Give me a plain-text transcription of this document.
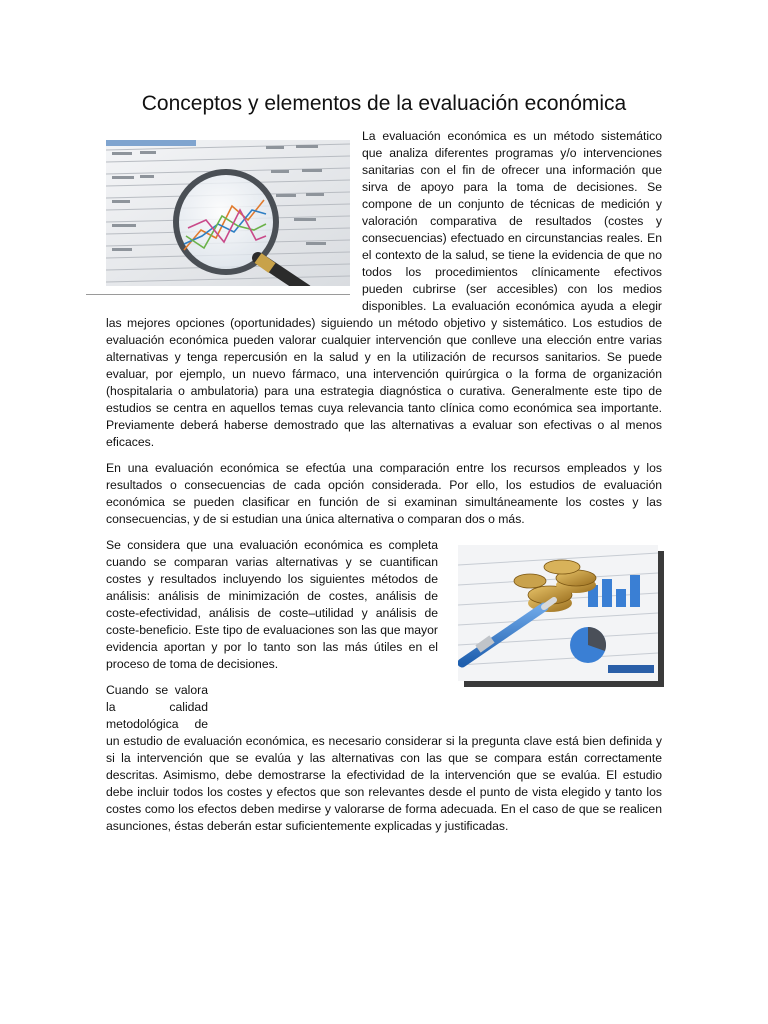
Conceptos y elementos de la evaluación económica

La evaluación económica es un método sistemático que analiza diferentes programas y/o intervenciones sanitarias con el fin de ofrecer una información que sirva de apoyo para la toma de decisiones. Se compone de un conjunto de técnicas de medición y valoración comparativa de resultados (costes y consecuencias) efectuado en circunstancias reales. En el contexto de la salud, se tiene la evidencia de que no todos los procedimientos clínicamente efectivos pueden cubrirse (ser accesibles) con los medios disponibles. La evaluación económica ayuda a elegir las mejores opciones (oportunidades) siguiendo un método objetivo y sistemático. Los estudios de evaluación económica pueden valorar cualquier intervención que conlleve una elección entre varias alternativas y tenga repercusión en la salud y en la utilización de recursos sanitarios. Se puede evaluar, por ejemplo, un nuevo fármaco, una intervención quirúrgica o la forma de organización (hospitalaria o ambulatoria) para una estrategia diagnóstica o curativa. Generalmente este tipo de estudios se centra en aquellos temas cuya relevancia tanto clínica como económica sea importante. Previamente deberá haberse demostrado que las alternativas a evaluar son efectivas o al menos eficaces.

En una evaluación económica se efectúa una comparación entre los recursos empleados y los resultados o consecuencias de cada opción considerada. Por ello, los estudios de evaluación económica se pueden clasificar en función de si examinan simultáneamente los costes y las consecuencias, y de si estudian una única alternativa o comparan dos o más.

Se considera que una evaluación económica es completa cuando se comparan varias alternativas y se cuantifican costes y resultados incluyendo los siguientes métodos de análisis: análisis de minimización de costes, análisis de coste-efectividad, análisis de coste–utilidad y análisis de coste-beneficio. Este tipo de evaluaciones son las que mayor evidencia aportan y por lo tanto son las más útiles en el proceso de toma de decisiones.

Cuando se valora la calidad metodológica de un estudio de evaluación económica, es necesario considerar si la pregunta clave está bien definida y si la intervención que se evalúa y las alternativas con las que se compara están correctamente descritas. Asimismo, debe demostrarse la efectividad de la intervención que se evalúa. El estudio debe incluir todos los costes y efectos que son relevantes desde el punto de vista elegido y tanto los costes como los efectos deben medirse y valorarse de forma adecuada. En el caso de que se realicen asunciones, éstas deberán estar suficientemente explicadas y justificadas.
